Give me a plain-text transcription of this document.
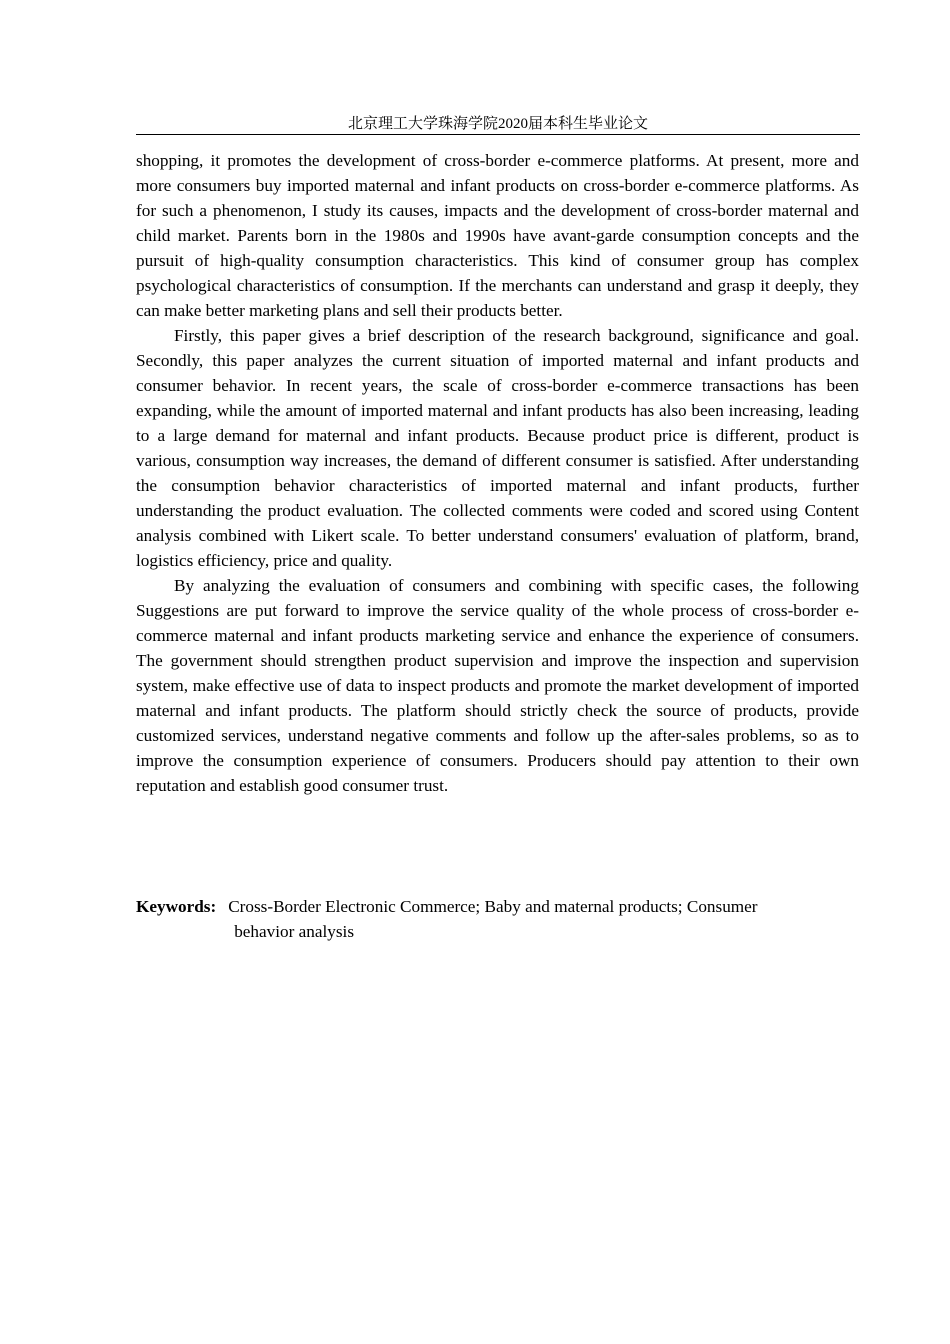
北京理工大学珠海学院2020届本科生毕业论文

shopping, it promotes the development of cross-border e-commerce platforms. At present, more and more consumers buy imported maternal and infant products on cross-border e-commerce platforms. As for such a phenomenon, I study its causes, impacts and the development of cross-border maternal and child market. Parents born in the 1980s and 1990s have avant-garde consumption concepts and the pursuit of high-quality consumption characteristics. This kind of consumer group has complex psychological characteristics of consumption. If the merchants can understand and grasp it deeply, they can make better marketing plans and sell their products better.

Firstly, this paper gives a brief description of the research background, significance and goal. Secondly, this paper analyzes the current situation of imported maternal and infant products and consumer behavior. In recent years, the scale of cross-border e-commerce transactions has been expanding, while the amount of imported maternal and infant products has also been increasing, leading to a large demand for maternal and infant products. Because product price is different, product is various, consumption way increases, the demand of different consumer is satisfied. After understanding the consumption behavior characteristics of imported maternal and infant products, further understanding the product evaluation. The collected comments were coded and scored using Content analysis combined with Likert scale. To better understand consumers' evaluation of platform, brand, logistics efficiency, price and quality.

By analyzing the evaluation of consumers and combining with specific cases, the following Suggestions are put forward to improve the service quality of the whole process of cross-border e-commerce maternal and infant products marketing service and enhance the experience of consumers. The government should strengthen product supervision and improve the inspection and supervision system, make effective use of data to inspect products and promote the market development of imported maternal and infant products. The platform should strictly check the source of products, provide customized services, understand negative comments and follow up the after-sales problems, so as to improve the consumption experience of consumers. Producers should pay attention to their own reputation and establish good consumer trust.

Keywords: Cross-Border Electronic Commerce; Baby and maternal products; Consumer
behavior analysis
